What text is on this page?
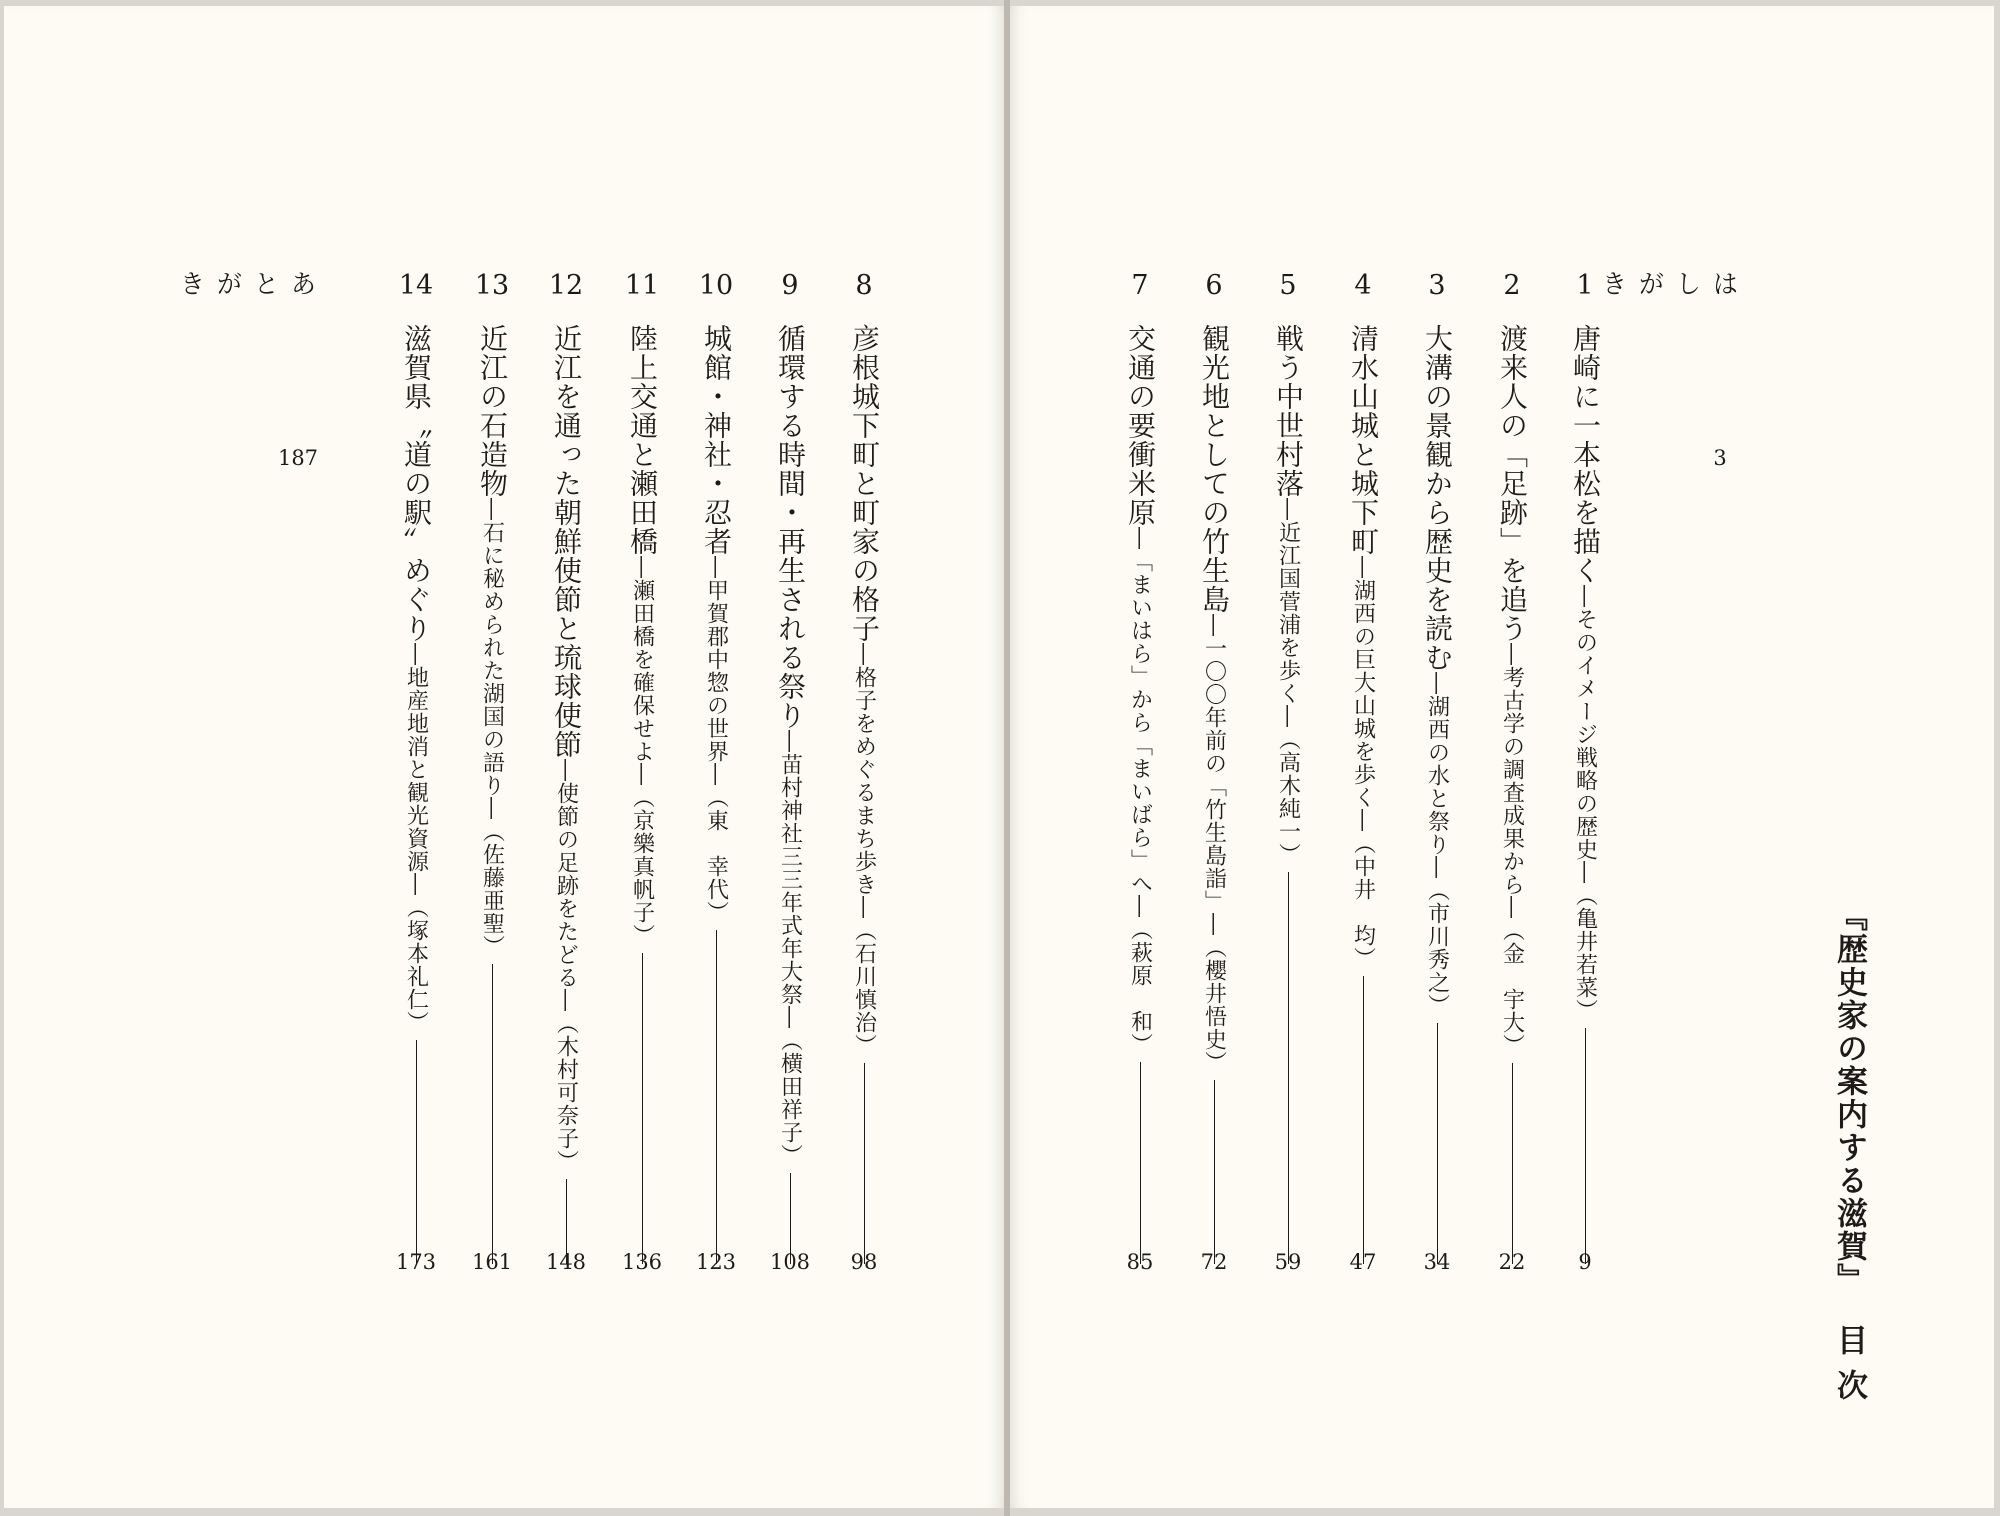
『歴史家の案内する滋賀』目次
はしがき
3
あとがき
187
1
唐崎に一本松を描く
―そのイメージ戦略の歴史―
（亀井若菜）
9
2
渡来人の「足跡」を追う
―考古学の調査成果から―
（金　宇大）
22
3
大溝の景観から歴史を読む
―湖西の水と祭り―
（市川秀之）
34
4
清水山城と城下町
―湖西の巨大山城を歩く―
（中井　均）
47
5
戦う中世村落
―近江国菅浦を歩く―
（高木純一）
59
6
観光地としての竹生島
―一〇〇年前の「竹生島詣」―
（櫻井悟史）
72
7
交通の要衝米原
―「まいはら」から「まいばら」へ―
（萩原　和）
85
8
彦根城下町と町家の格子
―格子をめぐるまち歩き―
（石川慎治）
98
9
循環する時間・再生される祭り
―苗村神社三三年式年大祭―
（横田祥子）
108
10
城館・神社・忍者
―甲賀郡中惣の世界―
（東　幸代）
123
11
陸上交通と瀬田橋
―瀬田橋を確保せよ―
（京樂真帆子）
136
12
近江を通った朝鮮使節と琉球使節
―使節の足跡をたどる―
（木村可奈子）
148
13
近江の石造物
―石に秘められた湖国の語り―
（佐藤亜聖）
161
14
滋賀県〝道の駅〟めぐり
―地産地消と観光資源―
（塚本礼仁）
173
